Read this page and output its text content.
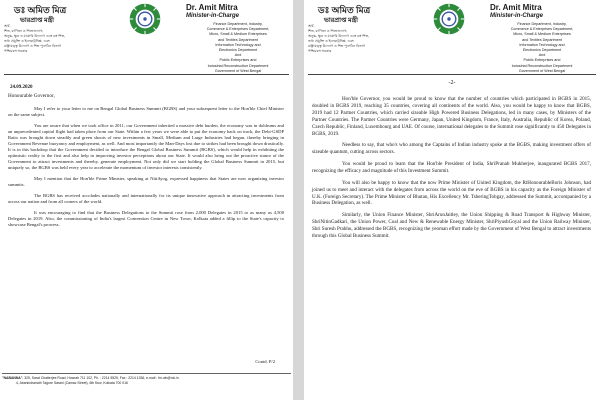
ডঃ অমিত মিত্র
ভারপ্রাপ্ত মন্ত্রী
অর্থ,
শিল্প, বাণিজ্য ও শিল্পোদ্যোগ,
অনুচ্চ, ক্ষুদ্র ও মাঝারি উদ্যোগ এবং বস্ত্র শিল্প,
তথ্য প্রযুক্তি ও ইলেকট্রনিক্স, এবং
রাষ্ট্রায়ত্ত্ব উদ্যোগ ও শিল্প পুনর্গঠন বিভাগ
পশ্চিমবঙ্গ সরকার
Dr. Amit Mitra
Minister-in-Charge
Finance Department, Industry,
Commerce & Enterprises Department,
Micro, Small & Medium Enterprises
and Textiles Department
Information Technology and
Electronics Department
And
Public Enterprises and
Industrial Reconstruction Department
Government of West Bengal
24.09.2020
Honourable Governor,

May I refer to your letter to me on Bengal Global Business Summit (BGBS) and your subsequent letter to the Hon'ble Chief Minister on the same subject.

You are aware that when we took office in 2011, our Government inherited a massive debt burden, the economy was in doldrums and an unprecedented capital flight had taken place from our State. Within a few years we were able to put the economy back on track, the Debt-GSDP Ratio was brought down steadily and green shoots of new investments in Small, Medium and Large Industries had begun, thereby bringing in Government Revenue buoyancy and employment, as well. And most importantly the Man-Days lost due to strikes had been brought down drastically. It is in this backdrop that the Government decided to introduce the Bengal Global Business Summit (BGBS), which would help in exhibiting the optimistic reality to the first and also help in improving investor perceptions about our State. It would also bring out the proactive stance of the Government to attract investments and thereby, generate employment. Not only did we start holding the Global Business Summit in 2015, but uniquely so, the BGBS was held every year to accelerate the momentum of investor interests consistently.

May I mention that the Hon'ble Prime Minister, speaking at NitiAyog, expressed happiness that States are now organizing investor summits.

The BGBS has received accolades nationally and internationally for its unique innovative approach in attracting investments from across our nation and from all corners of the world.

It was encouraging to find that the Business Delegations to the Summit rose from 2,000 Delegates in 2015 to as many as 4,500 Delegates in 2019. Also, the commissioning of India's largest Convention Centre in New Town, Kolkata added a fillip to the State's capacity to showcase Bengal's prowess.

Contd. P/2
"NABANNA", 325, Sarat Chatterjee Road, Howrah 711 102, Ph. : 2214 5525, Fax : 2214 1336, e-mail : fm-wb@nic.in
4, Abanindranath Tagore Sarani (Camac Street), 6th floor, Kolkata 700 016
ডঃ অমিত মিত্র
ভারপ্রাপ্ত মন্ত্রী
অর্থ,
শিল্প, বাণিজ্য ও শিল্পোদ্যোগ,
অনুচ্চ, ক্ষুদ্র ও মাঝারি উদ্যোগ এবং বস্ত্র শিল্প,
তথ্য প্রযুক্তি ও ইলেকট্রনিক্স, এবং
রাষ্ট্রায়ত্ত্ব উদ্যোগ ও শিল্প পুনর্গঠন বিভাগ
পশ্চিমবঙ্গ সরকার
Dr. Amit Mitra
Minister-in-Charge
Finance Department, Industry,
Commerce & Enterprises Department,
Micro, Small & Medium Enterprises
and Textiles Department
Information Technology and
Electronics Department
And
Public Enterprises and
Industrial Reconstruction Department
Government of West Bengal
-2-

Hon'ble Governor, you would be proud to know that the number of countries which participated in BGBS in 2015, doubled in BGBS 2019, reaching 35 countries, covering all continents of the world. Also, you would be happy to know that BGBS, 2019 had 12 Partner Countries, which carried sizeable High Powered Business Delegations, led in many cases, by Ministers of the Partner Countries. The Partner Countries were Germany, Japan, United Kingdom, France, Italy, Australia, Republic of Korea, Poland, Czech Republic, Finland, Luxembourg and UAE. Of course, international delegates to the Summit rose significantly to 450 Delegates in BGBS, 2019.

Needless to say, that who's who among the Captains of Indian industry spoke at the BGBS, making investment offers of sizeable quantum, cutting across sectors.

You would be proud to learn that the Hon'ble President of India, ShriPranab Mukherjee, inaugurated BGBS 2017, recognizing the efficacy and magnitude of this Investment Summit.

You will also be happy to know that the now Prime Minister of United Kingdom, the RtHonourableBoris Johnson, had joined us to meet and interact with the delegates from across the world on the eve of BGBS in his capacity as the Foreign Minister of U.K. (Foreign Secretary). The Prime Minister of Bhutan, His Excellency Mr. TsheringTobgay, addressed the Summit, accompanied by a Business Delegation, as well.

Similarly, the Union Finance Minister, ShriArunJaitley, the Union Shipping & Road Transport & Highway Minister, ShriNitinGadkari, the Union Power, Coal and New & Renewable Energy Minister, ShriPiyushGoyal and the Union Railway Minister, Shri Suresh Prabhu, addressed the BGBS, recognizing the yeoman effort made by the Government of West Bengal to attract investments through this Global Business Summit.
